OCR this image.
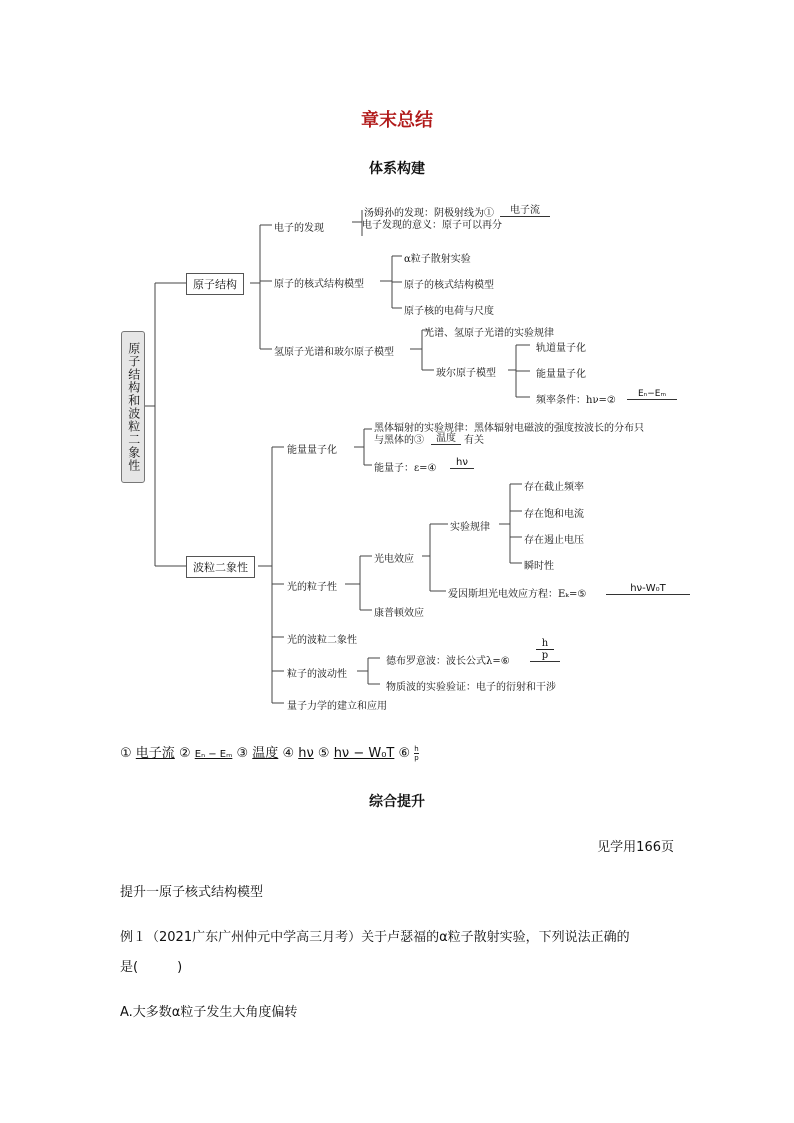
章末总结
体系构建
原子结构和波粒二象性
原子结构
电子的发现
汤姆孙的发现：阴极射线为①	电子流
电子发现的意义：原子可以再分
原子的核式结构模型
α粒子散射实验
原子的核式结构模型
原子核的电荷与尺度
氢原子光谱和玻尔原子模型
光谱、氢原子光谱的实验规律
玻尔原子模型
轨道量子化
能量量子化
频率条件：hν=②
Eₙ−Eₘ
波粒二象性
能量量子化
黑体辐射的实验规律：黑体辐射电磁波的强度按波长的分布只
与黑体的③	温度 有关
能量子：ε=④
hν
光的粒子性
光电效应
实验规律
存在截止频率
存在饱和电流
存在遏止电压
瞬时性
爱因斯坦光电效应方程：Eₖ=⑤
hν-W₀T
康普顿效应
光的波粒二象性
粒子的波动性
德布罗意波：波长公式λ=⑥ $\frac{h}{p}$
物质波的实验验证：电子的衍射和干涉
量子力学的建立和应用
① 电子流 ② Eₙ − Eₘ ③ 温度 ④ hν ⑤ hν − W₀T ⑥ $\frac{h}{p}$
综合提升
见学用166页
提升一原子核式结构模型
例１（2021广东广州仲元中学高三月考）关于卢瑟福的α粒子散射实验，下列说法正确的
是(　　　)
A.大多数α粒子发生大角度偏转
